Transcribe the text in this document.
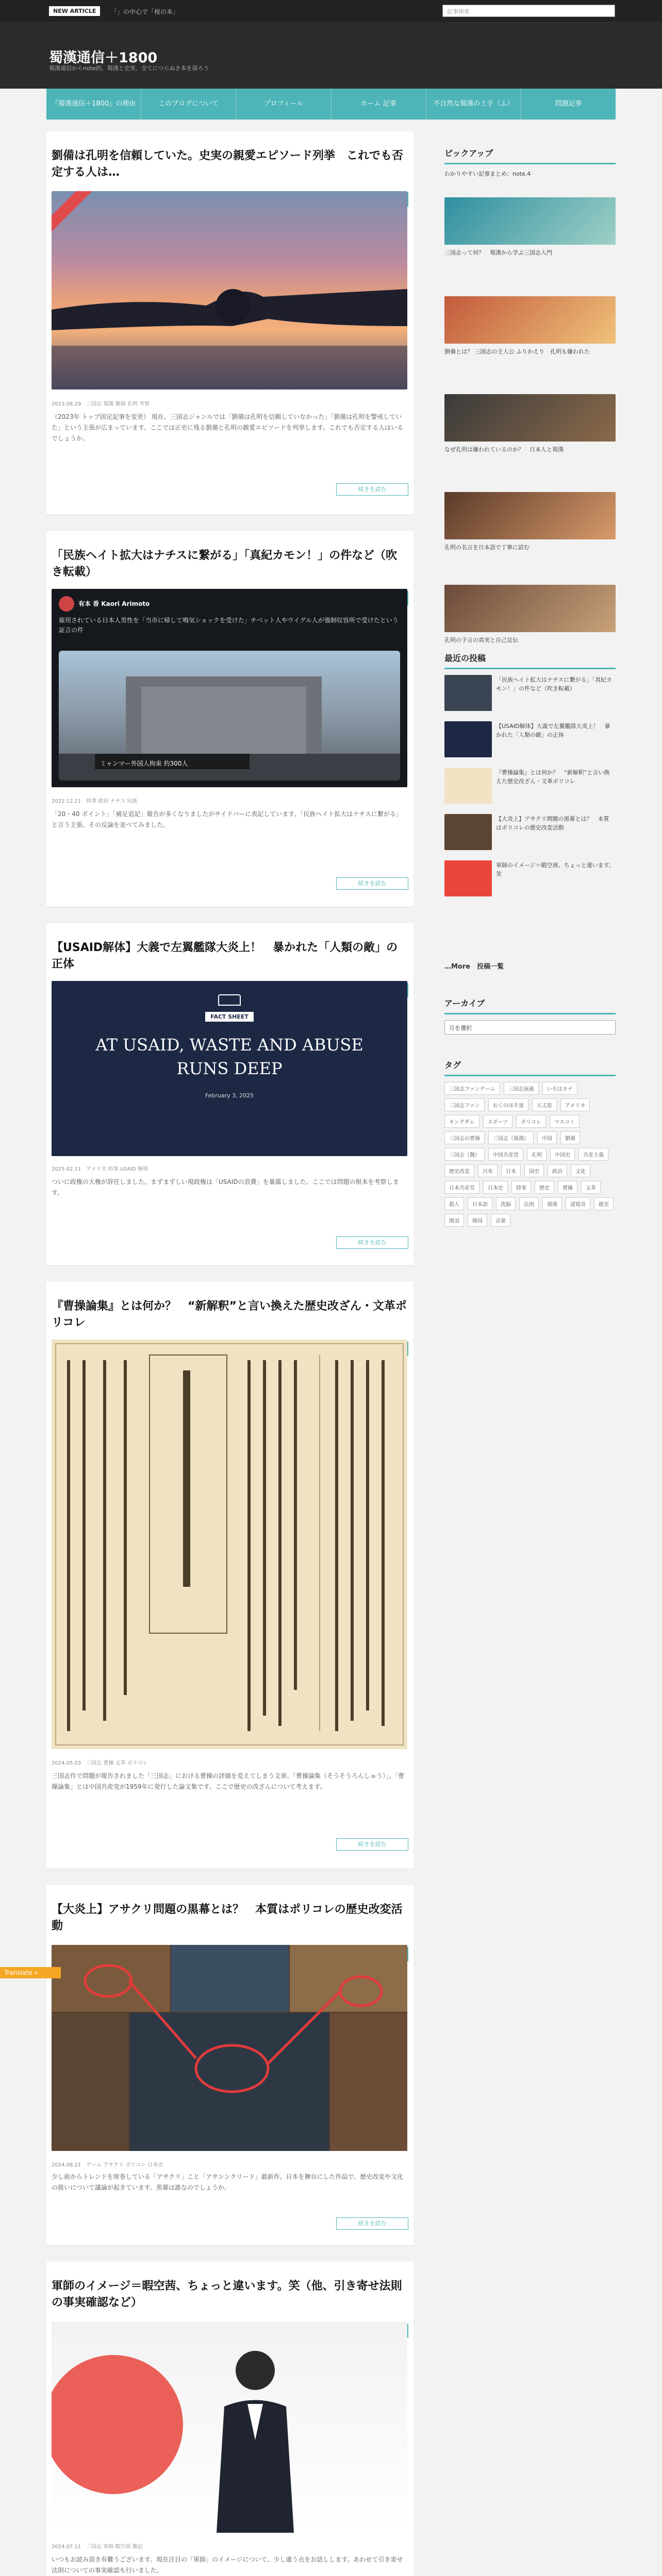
NEW ARTICLE	「」の中心で「桜の本」	記事検索
蜀漢通信＋1800
蜀漢通信からnote的、蜀漢と史実、全てにつらぬき本を探ろう
『蜀漢通信＋1800』の理由	このブログについて	プロフィール	ホーム 記事	不自然な蜀漢の土手（ふ）	問題記事
劉備は孔明を信頼していた。史実の親愛エピソード列挙　これでも否定する人は…
2023.08.29　三国志 蜀漢 劉備 孔明 考察
（2023年 トップ固定記事を変更） 現在、三国志ジャンルでは「劉備は孔明を信頼していなかった」「劉備は孔明を警戒していた」という主張が広まっています。ここでは正史に残る劉備と孔明の親愛エピソードを列挙します。これでも否定する人はいるでしょうか。
続きを読む
「民族ヘイト拡大はナチスに繋がる」「真紀カモン！」の件など（吹き転載）
有本 香 Kaori Arimoto
雇用されている日本人男性を「当市に帰して鳴気ショックを受けた」チベット人やウイグル人が強制収容所で受けたという証言の件
ミャンマー外国人拘束 約300人
2022.12.21　時事 政治 ナチス 民族
「20・40 ポイント」「補足追記」報告が多くなりましたがサイドバーに表記しています。「民族ヘイト拡大はナチスに繋がる」と言う主張、その反論を並べてみました。
続きを読む
【USAID解体】大義で左翼艦隊大炎上！　暴かれた「人類の敵」の正体
FACT SHEET
AT USAID, WASTE AND ABUSE RUNS DEEP
February 3, 2025
2025.02.11　アメリカ 時事 USAID 解体
ついに政権の大権が辞任しました。まずまずしい現政権は「USAIDの浪費」を暴露しました。ここでは問題の根本を考察します。
続きを読む
『曹操論集』とは何か？　“新解釈”と言い換えた歴史改ざん・文革ポリコレ
2024.05.03　三国志 曹操 文革 ポリコレ
三国志作で問題が報告されました「三国志」における曹操の評価を変えてしまう文章。「曹操論集（そうそうろんしゅう）」。「曹操論集」とは中国共産党が1959年に発行した論文集です。ここで歴史の改ざんについて考えます。
続きを読む
【大炎上】アサクリ問題の黒幕とは？　本質はポリコレの歴史改変活動
2024.08.21　ゲーム アサクリ ポリコレ 日本史
少し前からトレンドを席巻している「アサクリ」こと「アサシンクリード」最新作。日本を舞台にした作品で、歴史改変や文化の扱いについて議論が起きています。黒幕は誰なのでしょうか。
続きを読む
軍師のイメージ＝暇空茜、ちょっと違います。笑（他、引き寄せ法則の事実確認など）
2024.07.11　三国志 軍師 暇空茜 雑記
いつもお読み頂き有難うございます。現在注目の「軍師」のイメージについて、少し違う点をお話しします。あわせて引き寄せ法則についての事実確認も行いました。
ピックアップ
わかりやすい記事まとめ：note.4
三国志って何？　蜀漢から学ぶ三国志入門
劉備とは？ 三国志の主人公 ふりかえり　孔明も嫌われた
なぜ孔明は嫌われているのか？　日本人と蜀漢
孔明の名言を日本語で丁寧に読む
孔明の予言の真実と自己宣伝
最近の投稿
「民族ヘイト拡大はナチスに繋がる」「真紀カモン！」の件など（吹き転載）
【USAID解体】大義で左翼艦隊大炎上！　暴かれた「人類の敵」の正体
『曹操論集』とは何か？　“新解釈”と言い換えた歴史改ざん・文革ポリコレ
【大炎上】アサクリ問題の黒幕とは？　本質はポリコレの歴史改変活動
軍師のイメージ＝暇空茜、ちょっと違います。笑
…More　投稿一覧
アーカイブ
月を選択
タグ
三国志ファンゲーム	三国志演義	いろはカナ
三国志ファン	おくのほそ道	五丈原	アメリカ
キングダム	スポーツ	ポリコレ	マスコミ
三国志の曹操	三国志（蜀漢）	中国	劉備
三国志（魏）	中国共産党	孔明	中国史	共産主義
歴史改変	呂布	日本	国史	政治	文化
日本共産党	日本史	時事	歴史	曹操	文革
殺人	日本語	洗脳	法則	蜀漢	諸葛亮	趙雲
関羽	韓国	音楽
Translate »
